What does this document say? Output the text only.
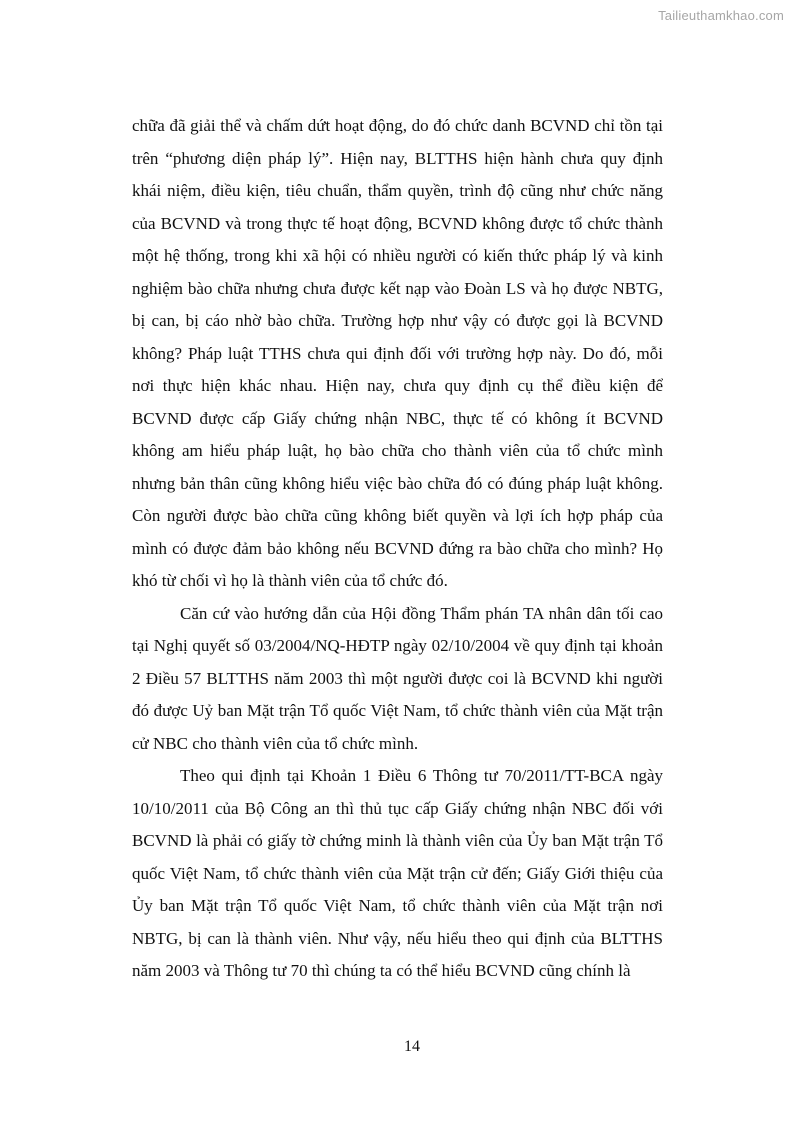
Tailieuthamkhao.com

chữa đã giải thể và chấm dứt hoạt động, do đó chức danh BCVND chỉ tồn tại trên “phương diện pháp lý”. Hiện nay, BLTTHS hiện hành chưa quy định khái niệm, điều kiện, tiêu chuẩn, thẩm quyền, trình độ cũng như chức năng của BCVND và trong thực tế hoạt động, BCVND không được tổ chức thành một hệ thống, trong khi xã hội có nhiều người có kiến thức pháp lý và kinh nghiệm bào chữa nhưng chưa được kết nạp vào Đoàn LS và họ được NBTG, bị can, bị cáo nhờ bào chữa. Trường hợp như vậy có được gọi là BCVND không? Pháp luật TTHS chưa qui định đối với trường hợp này. Do đó, mỗi nơi thực hiện khác nhau. Hiện nay, chưa quy định cụ thể điều kiện để BCVND được cấp Giấy chứng nhận NBC, thực tế có không ít BCVND không am hiểu pháp luật, họ bào chữa cho thành viên của tổ chức mình nhưng bản thân cũng không hiểu việc bào chữa đó có đúng pháp luật không. Còn người được bào chữa cũng không biết quyền và lợi ích hợp pháp của mình có được đảm bảo không nếu BCVND đứng ra bào chữa cho mình? Họ khó từ chối vì họ là thành viên của tổ chức đó.

Căn cứ vào hướng dẫn của Hội đồng Thẩm phán TA nhân dân tối cao tại Nghị quyết số 03/2004/NQ-HĐTP ngày 02/10/2004 về quy định tại khoản 2 Điều 57 BLTTHS năm 2003 thì một người được coi là BCVND khi người đó được Uỷ ban Mặt trận Tổ quốc Việt Nam, tổ chức thành viên của Mặt trận cử NBC cho thành viên của tổ chức mình.

Theo qui định tại Khoản 1 Điều 6 Thông tư 70/2011/TT-BCA ngày 10/10/2011 của Bộ Công an thì thủ tục cấp Giấy chứng nhận NBC đối với BCVND là phải có giấy tờ chứng minh là thành viên của Ủy ban Mặt trận Tổ quốc Việt Nam, tổ chức thành viên của Mặt trận cử đến; Giấy Giới thiệu của Ủy ban Mặt trận Tổ quốc Việt Nam, tổ chức thành viên của Mặt trận nơi NBTG, bị can là thành viên. Như vậy, nếu hiểu theo qui định của BLTTHS năm 2003 và Thông tư 70 thì chúng ta có thể hiểu BCVND cũng chính là

14
